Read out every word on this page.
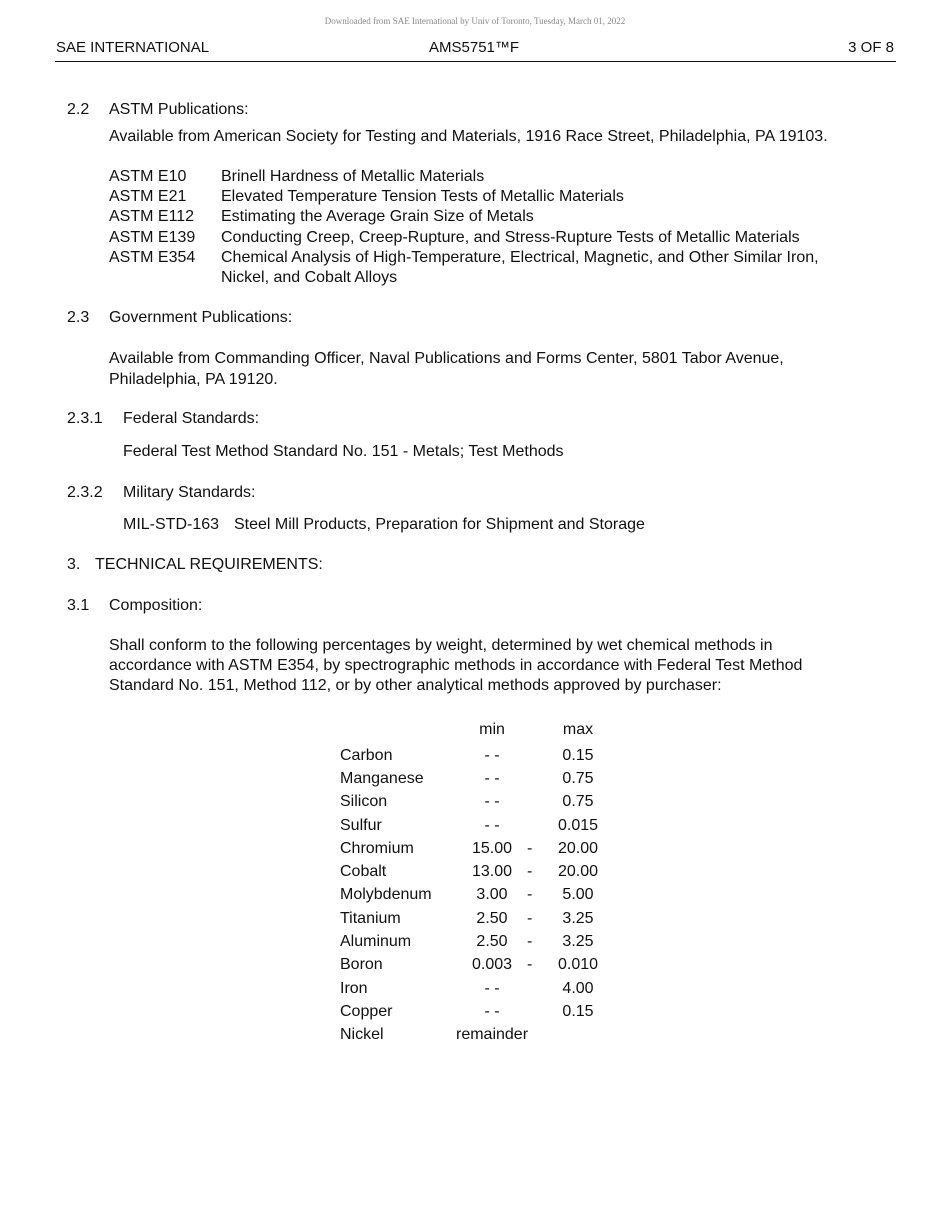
Downloaded from SAE International by Univ of Toronto, Tuesday, March 01, 2022
SAE INTERNATIONAL	AMS5751™F	3 OF 8
2.2 ASTM Publications:
Available from American Society for Testing and Materials, 1916 Race Street, Philadelphia, PA 19103.
ASTM E10 Brinell Hardness of Metallic Materials
ASTM E21 Elevated Temperature Tension Tests of Metallic Materials
ASTM E112 Estimating the Average Grain Size of Metals
ASTM E139 Conducting Creep, Creep-Rupture, and Stress-Rupture Tests of Metallic Materials
ASTM E354 Chemical Analysis of High-Temperature, Electrical, Magnetic, and Other Similar Iron,
Nickel, and Cobalt Alloys
2.3 Government Publications:
Available from Commanding Officer, Naval Publications and Forms Center, 5801 Tabor Avenue,
Philadelphia, PA 19120.
2.3.1 Federal Standards:
Federal Test Method Standard No. 151 - Metals; Test Methods
2.3.2 Military Standards:
MIL-STD-163 Steel Mill Products, Preparation for Shipment and Storage
3. TECHNICAL REQUIREMENTS:
3.1 Composition:
Shall conform to the following percentages by weight, determined by wet chemical methods in
accordance with ASTM E354, by spectrographic methods in accordance with Federal Test Method
Standard No. 151, Method 112, or by other analytical methods approved by purchaser:
min	max
Carbon	- -	0.15
Manganese	- -	0.75
Silicon	- -	0.75
Sulfur	- -	0.015
Chromium	15.00 -	20.00
Cobalt	13.00 -	20.00
Molybdenum	3.00	-	5.00
Titanium	2.50	-	3.25
Aluminum	2.50	-	3.25
Boron	0.003 -	0.010
Iron	- -	4.00
Copper	- -	0.15
Nickel	remainder
